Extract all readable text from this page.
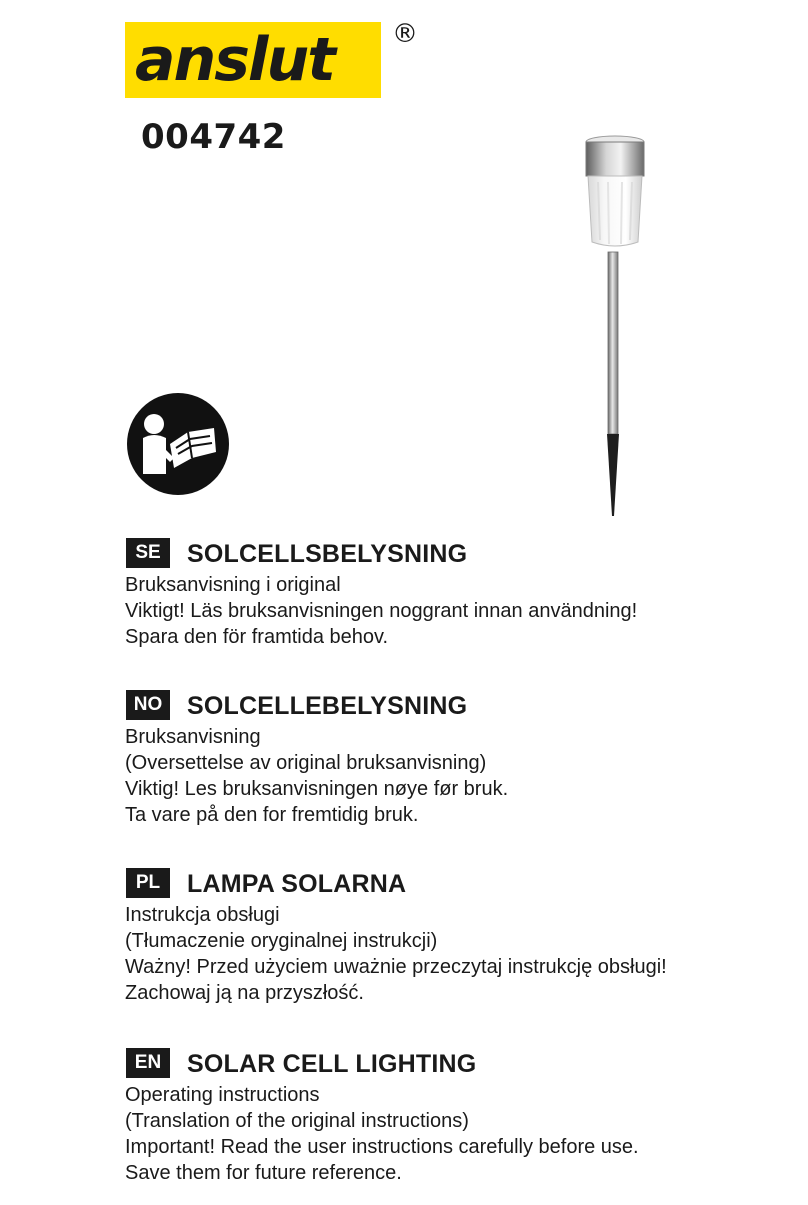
anslut ®
004742
SE	SOLCELLSBELYSNING
Bruksanvisning i original
Viktigt! Läs bruksanvisningen noggrant innan användning!
Spara den för framtida behov.
NO SOLCELLEBELYSNING
Bruksanvisning
(Oversettelse av original bruksanvisning)
Viktig! Les bruksanvisningen nøye før bruk.
Ta vare på den for fremtidig bruk.
PL	LAMPA SOLARNA
Instrukcja obsługi
(Tłumaczenie oryginalnej instrukcji)
Ważny! Przed użyciem uważnie przeczytaj instrukcję obsługi!
Zachowaj ją na przyszłość.
EN	SOLAR CELL LIGHTING
Operating instructions
(Translation of the original instructions)
Important! Read the user instructions carefully before use.
Save them for future reference.
